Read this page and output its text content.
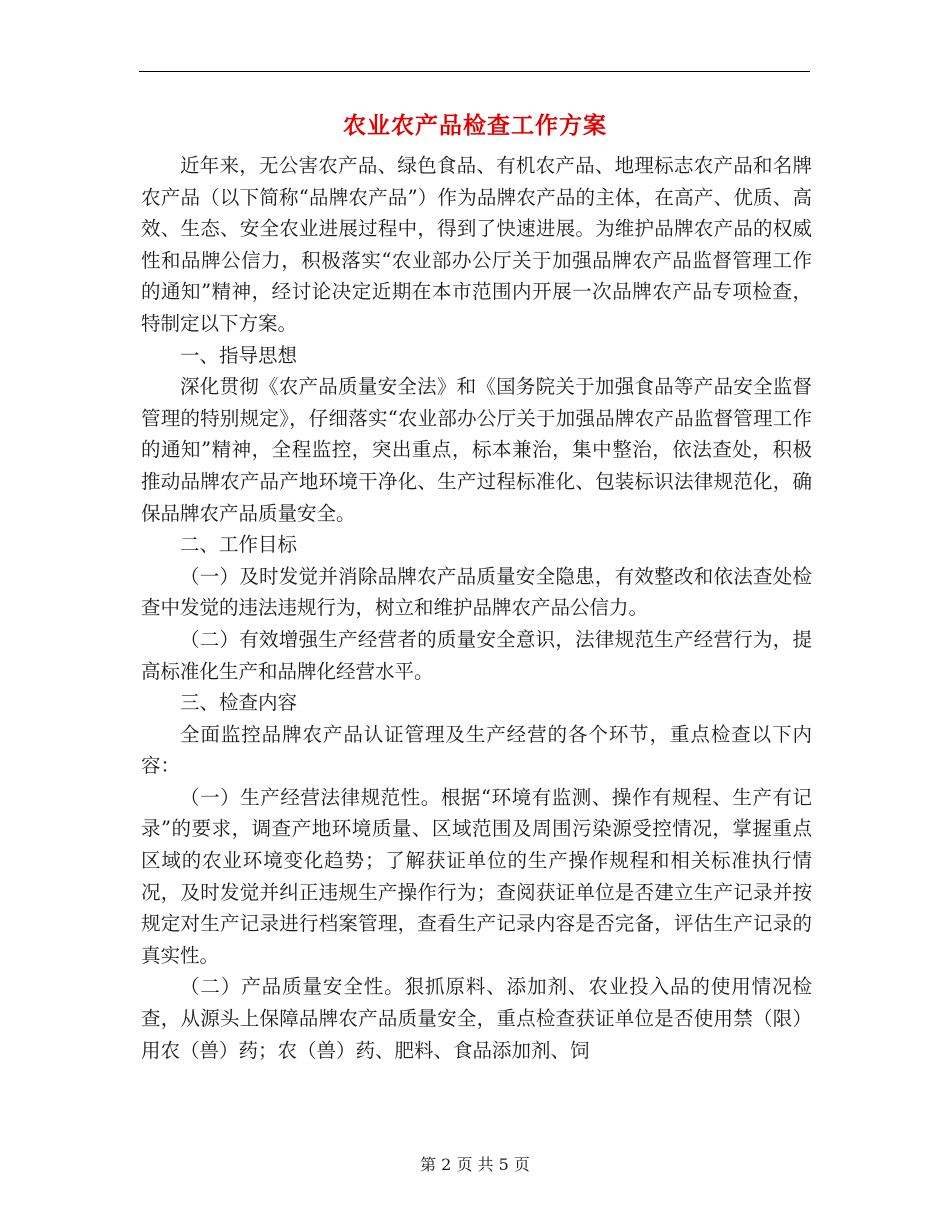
农业农产品检查工作方案

近年来，无公害农产品、绿色食品、有机农产品、地理标志农产品和名牌农产品（以下简称“品牌农产品”）作为品牌农产品的主体，在高产、优质、高效、生态、安全农业进展过程中，得到了快速进展。为维护品牌农产品的权威性和品牌公信力，积极落实“农业部办公厅关于加强品牌农产品监督管理工作的通知”精神，经讨论决定近期在本市范围内开展一次品牌农产品专项检查，特制定以下方案。

一、指导思想

深化贯彻《农产品质量安全法》和《国务院关于加强食品等产品安全监督管理的特别规定》，仔细落实“农业部办公厅关于加强品牌农产品监督管理工作的通知”精神，全程监控，突出重点，标本兼治，集中整治，依法查处，积极推动品牌农产品产地环境干净化、生产过程标准化、包装标识法律规范化，确保品牌农产品质量安全。

二、工作目标

（一）及时发觉并消除品牌农产品质量安全隐患，有效整改和依法查处检查中发觉的违法违规行为，树立和维护品牌农产品公信力。

（二）有效增强生产经营者的质量安全意识，法律规范生产经营行为，提高标准化生产和品牌化经营水平。

三、检查内容

全面监控品牌农产品认证管理及生产经营的各个环节，重点检查以下内容：

（一）生产经营法律规范性。根据“环境有监测、操作有规程、生产有记录”的要求，调查产地环境质量、区域范围及周围污染源受控情况，掌握重点区域的农业环境变化趋势；了解获证单位的生产操作规程和相关标准执行情况，及时发觉并纠正违规生产操作行为；查阅获证单位是否建立生产记录并按规定对生产记录进行档案管理，查看生产记录内容是否完备，评估生产记录的真实性。

（二）产品质量安全性。狠抓原料、添加剂、农业投入品的使用情况检查，从源头上保障品牌农产品质量安全，重点检查获证单位是否使用禁（限）用农（兽）药；农（兽）药、肥料、食品添加剂、饲

第 2 页 共 5 页
